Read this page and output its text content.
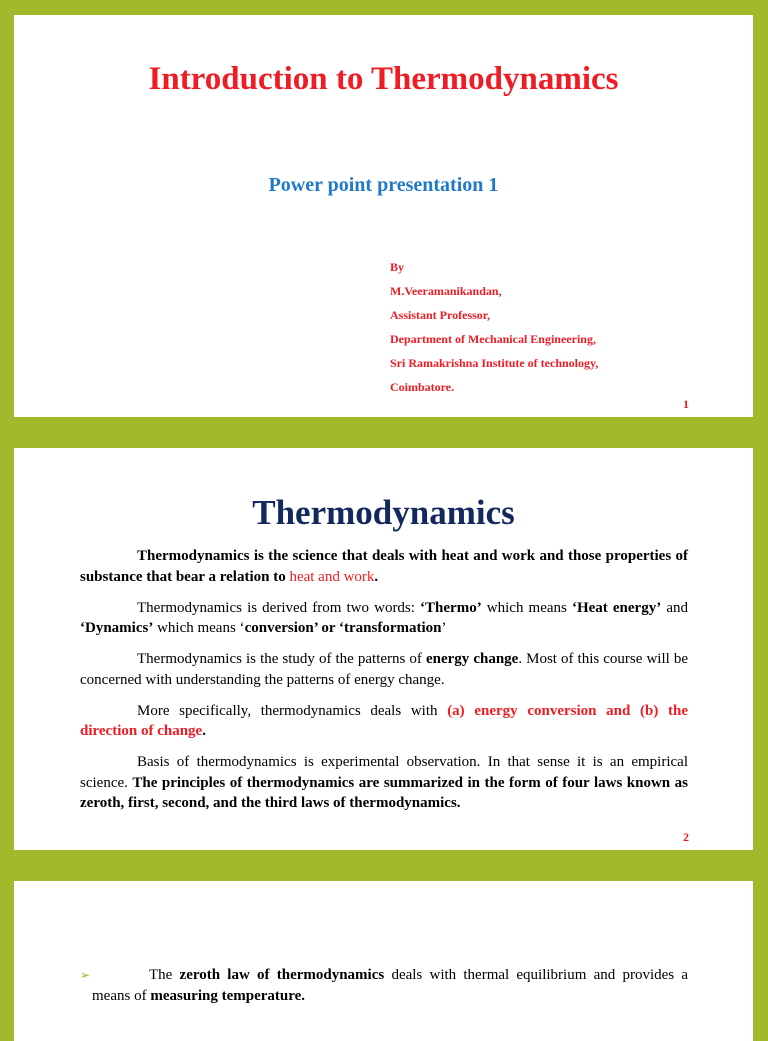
Introduction to Thermodynamics
Power point presentation 1
By
M.Veeramanikandan,
Assistant Professor,
Department of Mechanical Engineering,
Sri Ramakrishna Institute of technology,
Coimbatore.
1
Thermodynamics

Thermodynamics is the science that deals with heat and work and those properties of substance that bear a relation to heat and work.

Thermodynamics is derived from two words: ‘Thermo’ which means ‘Heat energy’ and ‘Dynamics’ which means ‘conversion’ or ‘transformation’

Thermodynamics is the study of the patterns of energy change. Most of this course will be concerned with understanding the patterns of energy change.

More specifically, thermodynamics deals with (a) energy conversion and (b) the direction of change.

Basis of thermodynamics is experimental observation. In that sense it is an empirical science. The principles of thermodynamics are summarized in the form of four laws known as zeroth, first, second, and the third laws of thermodynamics.

2

➢	The zeroth law of thermodynamics deals with thermal equilibrium and provides a means of measuring temperature.
